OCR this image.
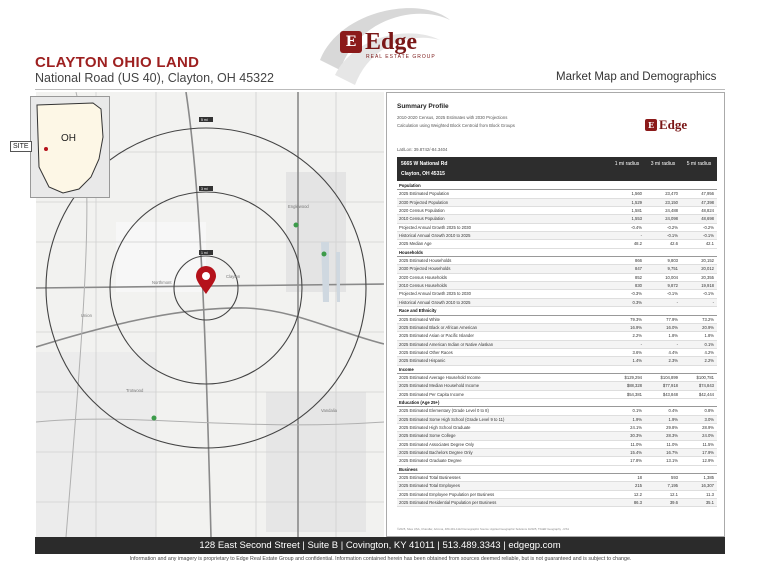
E Edge
REAL ESTATE GROUP
CLAYTON OHIO LAND
National Road (US 40), Clayton, OH 45322	Market Map and Demographics
5 mi
3 mi
1 mi
Englewood
Northmont
Clayton
Union
Trotwood
Vandalia
OH
SITE
Summary Profile
2010-2020 Census, 2025 Estimates with 2030 Projections
Calculation using Weighted Block Centroid from Block Groups	E Edge
Lat/Lon: 39.8742/-84.3404
5665 W National Rd
Clayton, OH 45315
1 mi radius	3 mi radius	5 mi radius
Population
2025 Estimated Population	1,560	23,470	47,956
2030 Projected Population	1,529	23,150	47,398
2020 Census Population	1,581	24,488	48,824
2010 Census Population	1,553	24,098	48,698
Projected Annual Growth 2025 to 2030	-0.4%	-0.2%	-0.2%
Historical Annual Growth 2010 to 2025	-	-0.1%	-0.1%
2025 Median Age	48.2	42.6	42.1
Households
2025 Estimated Households	866	9,803	20,152
2030 Projected Households	847	9,751	20,012
2020 Census Households	852	10,004	20,355
2010 Census Households	830	9,872	19,918
Projected Annual Growth 2025 to 2030	-0.3%	-0.1%	-0.1%
Historical Annual Growth 2010 to 2025	0.3%	-	-
Race and Ethnicity
2025 Estimated White	79.3%	77.9%	73.2%
2025 Estimated Black or African American	16.9%	16.0%	20.9%
2025 Estimated Asian or Pacific Islander	2.2%	1.8%	1.8%
2025 Estimated American Indian or Native Alaskan	-	-	0.1%
2025 Estimated Other Races	3.6%	4.4%	4.2%
2025 Estimated Hispanic	1.4%	2.3%	2.2%
Income
2025 Estimated Average Household Income	$129,294	$104,899	$100,781
2025 Estimated Median Household Income	$88,328	$77,918	$74,843
2025 Estimated Per Capita Income	$54,381	$43,848	$42,444
Education (Age 25+)
2025 Estimated Elementary (Grade Level 0 to 8)	0.1%	0.4%	0.8%
2025 Estimated Some High School (Grade Level 9 to 11)	1.9%	1.9%	3.0%
2025 Estimated High School Graduate	24.1%	29.8%	28.9%
2025 Estimated Some College	30.3%	28.3%	24.0%
2025 Estimated Associates Degree Only	11.0%	11.0%	11.5%
2025 Estimated Bachelors Degree Only	15.4%	16.7%	17.9%
2025 Estimated Graduate Degree	17.8%	13.1%	12.9%
Business
2025 Estimated Total Businesses	18	593	1,385
2025 Estimated Total Employees	215	7,195	16,307
2025 Estimated Employee Population per Business	12.2	12.1	11.3
2025 Estimated Residential Population per Business	86.3	39.6	35.1
©2025, Sites USA, Chandler, Arizona, 480-491-1112 Demographic Source: Applied Geographic Solutions 4/2025, TIGER Geography - RS1
128 East Second Street | Suite B | Covington, KY 41011 | 513.489.3343 | edgegp.com
Information and any imagery is proprietary to Edge Real Estate Group and confidential. Information contained herein has been obtained from sources deemed reliable, but is not guaranteed and is subject to change.
